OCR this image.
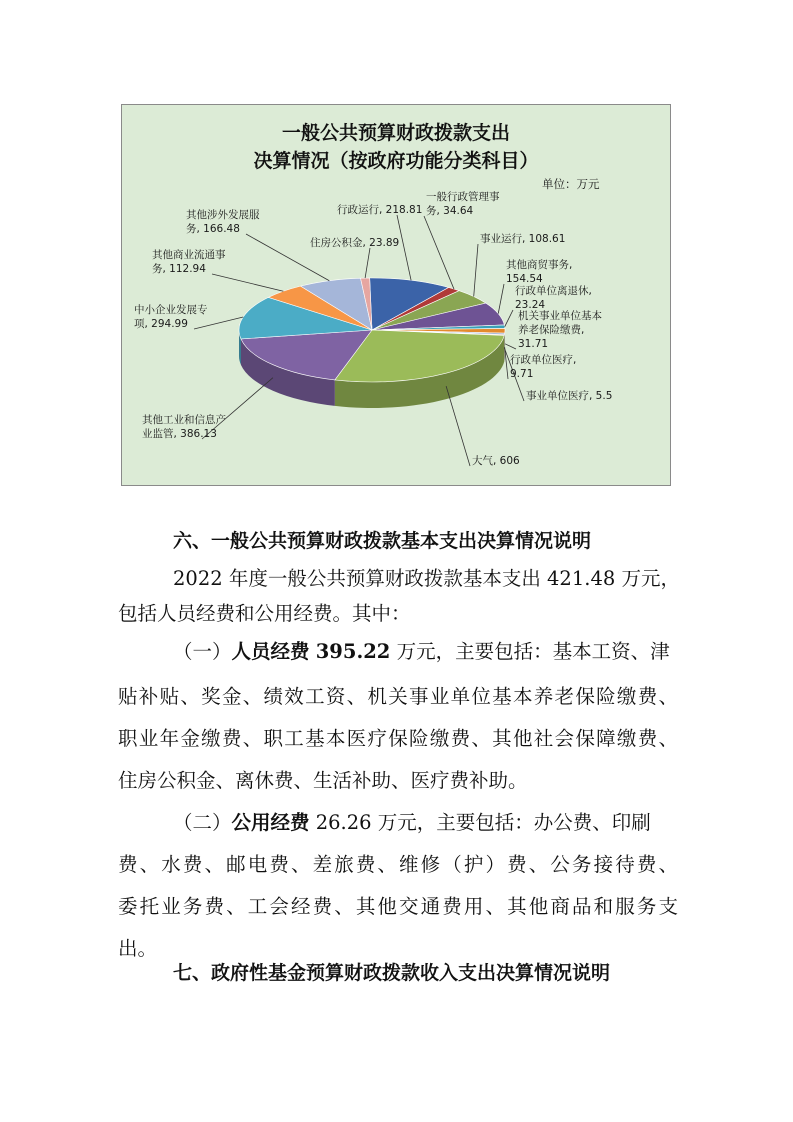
一般公共预算财政拨款支出
决算情况（按政府功能分类科目）
单位：万元
行政运行, 218.81
一般行政管理事
务, 34.64
事业运行, 108.61
其他商贸事务,
154.54
行政单位离退休,
23.24
机关事业单位基本
养老保险缴费,
31.71
行政单位医疗,
9.71
事业单位医疗, 5.5
大气, 606
其他工业和信息产
业监管, 386.13
中小企业发展专
项, 294.99
其他商业流通事
务, 112.94
其他涉外发展服
务, 166.48
住房公积金, 23.89
六、一般公共预算财政拨款基本支出决算情况说明
2022 年度一般公共预算财政拨款基本支出 421.48 万元，
包括人员经费和公用经费。其中：
（一）人员经费 395.22 万元，主要包括：基本工资、津
贴补贴、奖金、绩效工资、机关事业单位基本养老保险缴费、
职业年金缴费、职工基本医疗保险缴费、其他社会保障缴费、
住房公积金、离休费、生活补助、医疗费补助。
（二）公用经费 26.26 万元，主要包括：办公费、印刷
费、水费、邮电费、差旅费、维修（护）费、公务接待费、
委托业务费、工会经费、其他交通费用、其他商品和服务支
出。
七、政府性基金预算财政拨款收入支出决算情况说明
